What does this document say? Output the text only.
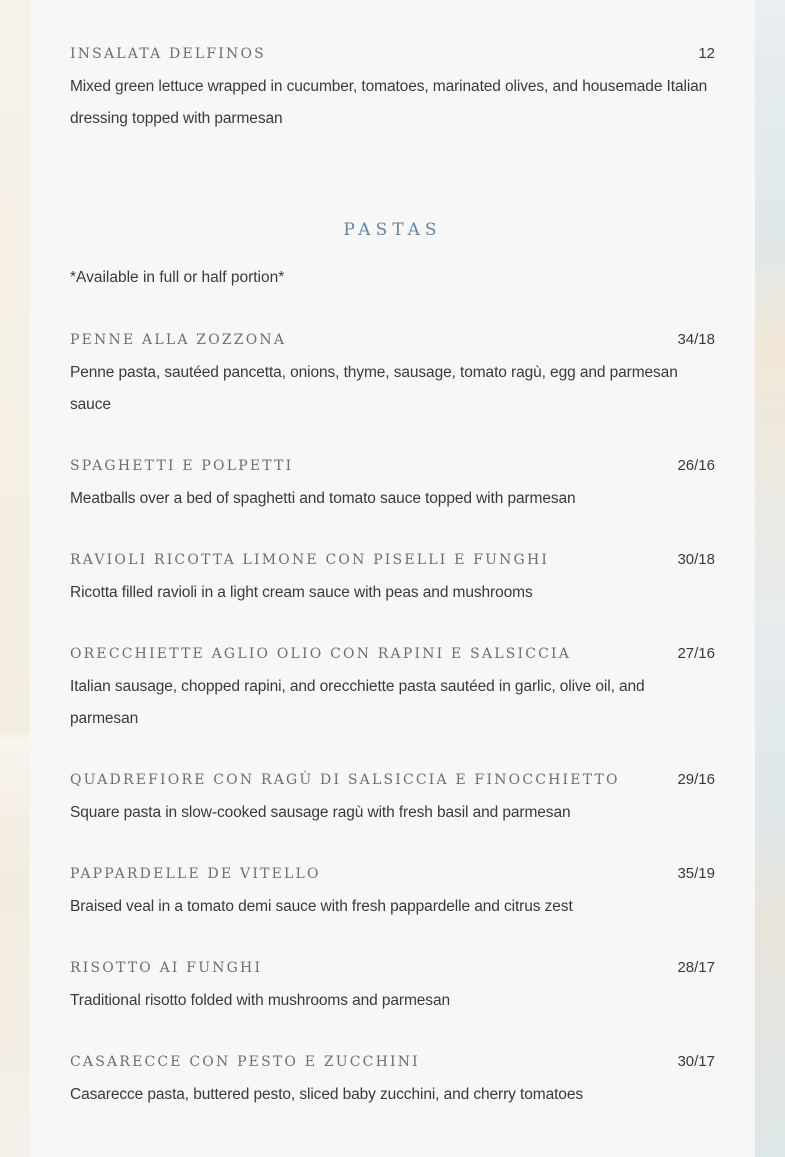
INSALATA DELFINOS	12
Mixed green lettuce wrapped in cucumber, tomatoes, marinated olives, and housemade Italian dressing topped with parmesan
PASTAS
*Available in full or half portion*
PENNE ALLA ZOZZONA	34/18
Penne pasta, sautéed pancetta, onions, thyme, sausage, tomato ragù, egg and parmesan sauce
SPAGHETTI E POLPETTI	26/16
Meatballs over a bed of spaghetti and tomato sauce topped with parmesan
RAVIOLI RICOTTA LIMONE CON PISELLI E FUNGHI	30/18
Ricotta filled ravioli in a light cream sauce with peas and mushrooms
ORECCHIETTE AGLIO OLIO CON RAPINI E SALSICCIA	27/16
Italian sausage, chopped rapini, and orecchiette pasta sautéed in garlic, olive oil, and parmesan
QUADREFIORE CON RAGÙ DI SALSICCIA E FINOCCHIETTO	29/16
Square pasta in slow-cooked sausage ragù with fresh basil and parmesan
PAPPARDELLE DE VITELLO	35/19
Braised veal in a tomato demi sauce with fresh pappardelle and citrus zest
RISOTTO AI FUNGHI	28/17
Traditional risotto folded with mushrooms and parmesan
CASARECCE CON PESTO E ZUCCHINI	30/17
Casarecce pasta, buttered pesto, sliced baby zucchini, and cherry tomatoes
